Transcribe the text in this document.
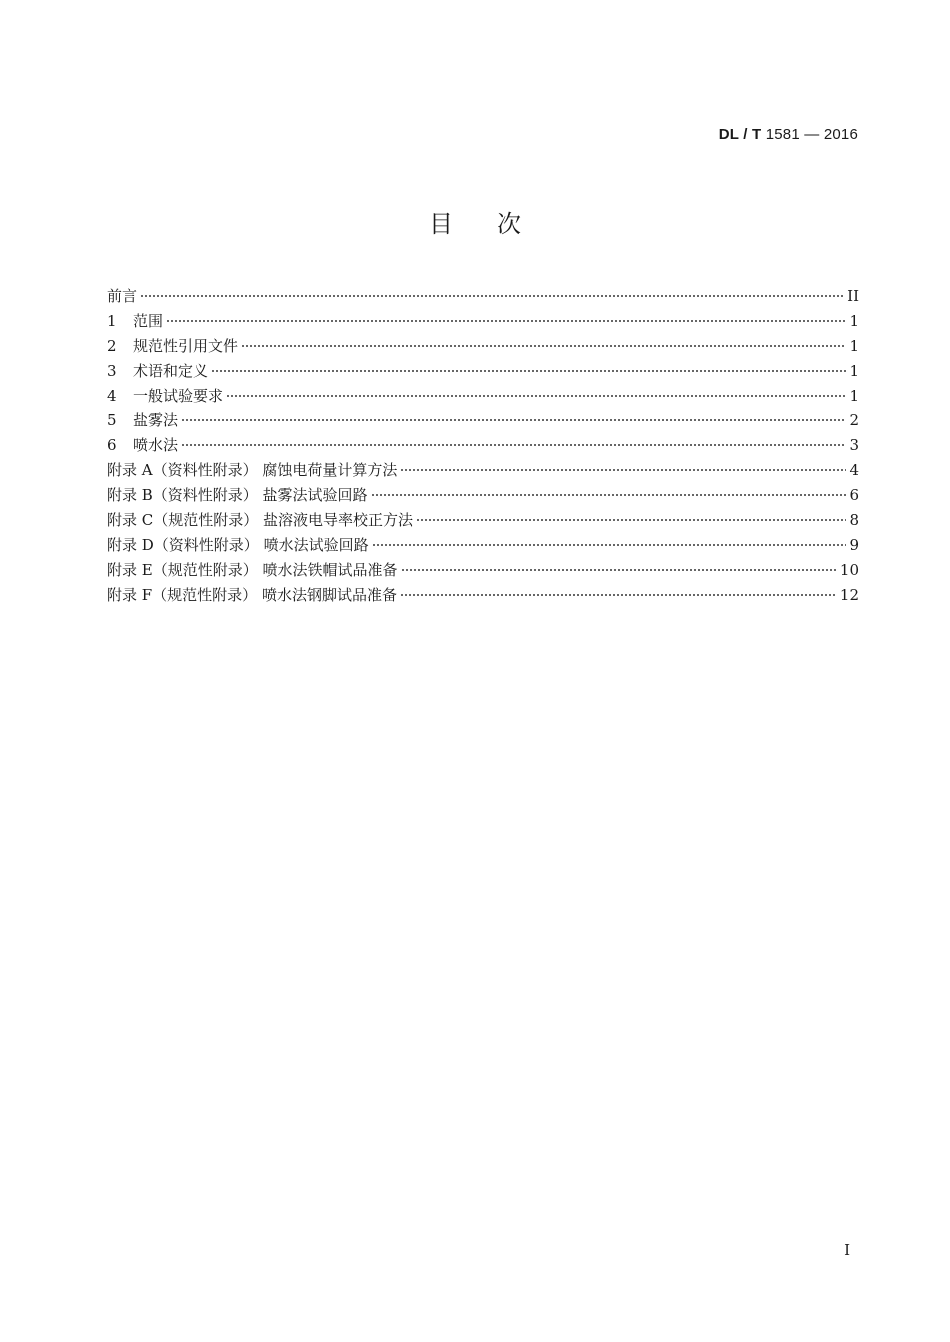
DL / T 1581 — 2016
目次
前言	II
1	范围	1
2	规范性引用文件	1
3	术语和定义	1
4	一般试验要求	1
5	盐雾法	2
6	喷水法	3
附录 A（资料性附录） 腐蚀电荷量计算方法	4
附录 B（资料性附录） 盐雾法试验回路	6
附录 C（规范性附录） 盐溶液电导率校正方法	8
附录 D（资料性附录） 喷水法试验回路	9
附录 E（规范性附录） 喷水法铁帽试品准备	10
附录 F（规范性附录） 喷水法钢脚试品准备	12
I
